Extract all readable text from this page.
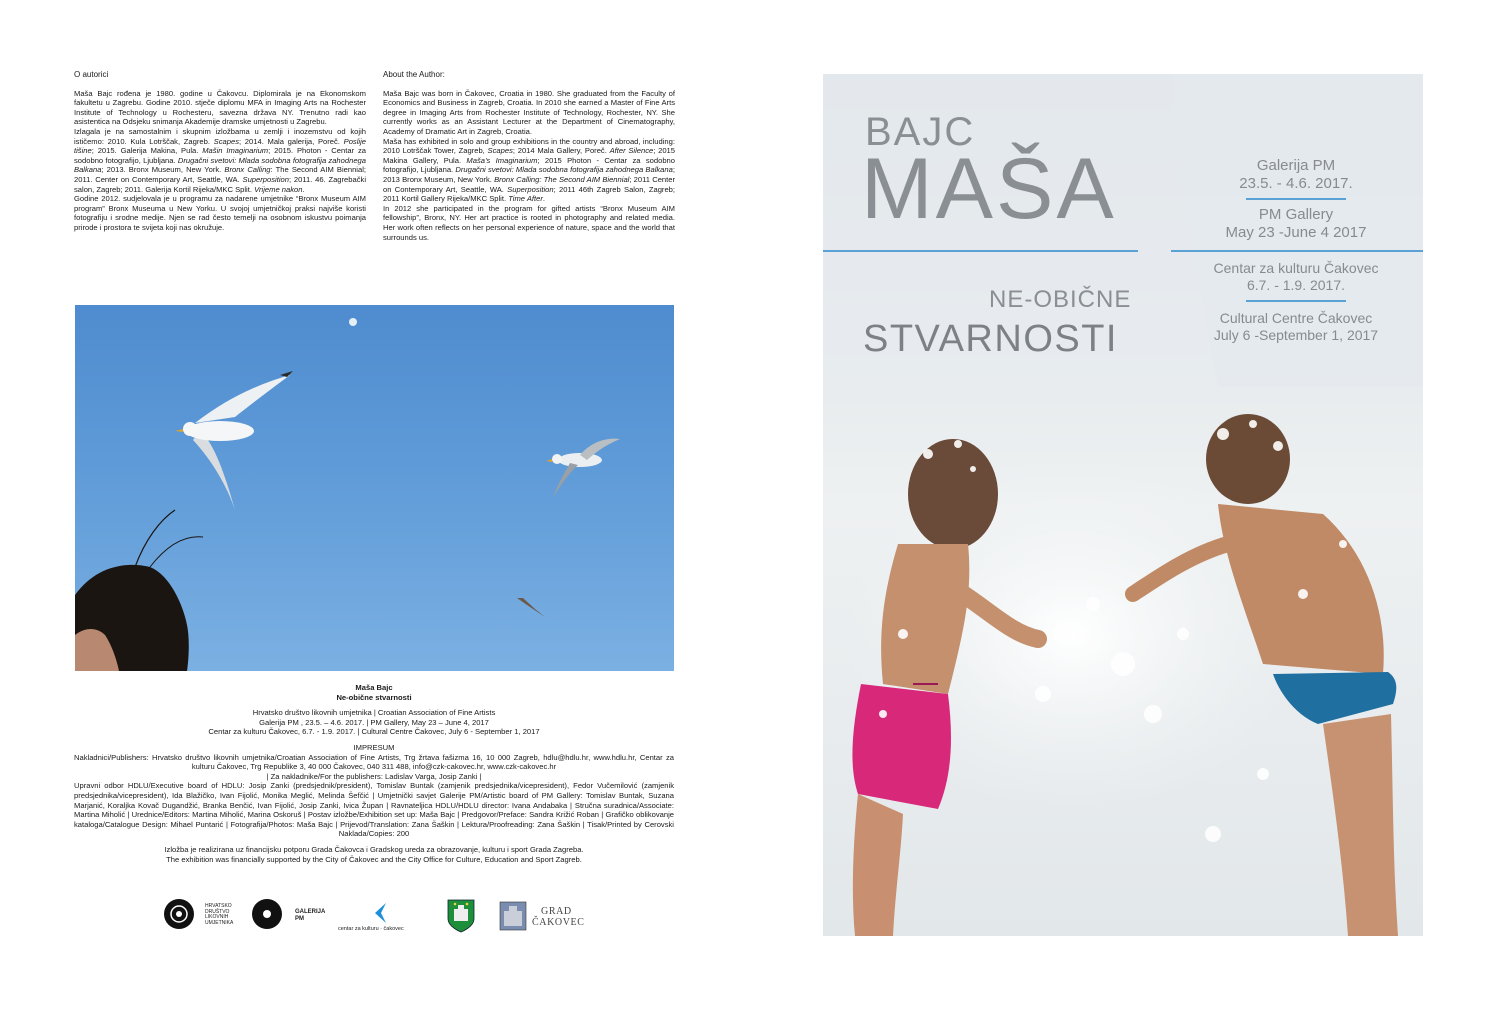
O autorici

Maša Bajc rođena je 1980. godine u Čakovcu. Diplomirala je na Ekonomskom fakultetu u Zagrebu. Godine 2010. stječe diplomu MFA in Imaging Arts na Rochester Institute of Technology u Rochesteru, savezna država NY. Trenutno radi kao asistentica na Odsjeku snimanja Akademije dramske umjetnosti u Zagrebu.

Izlagala je na samostalnim i skupnim izložbama u zemlji i inozemstvu od kojih ističemo: 2010. Kula Lotrščak, Zagreb. Scapes; 2014. Mala galerija, Poreč. Poslije tišine; 2015. Galerija Makina, Pula. Mašin Imaginarium; 2015. Photon - Centar za sodobno fotografijo, Ljubljana. Drugačni svetovi: Mlada sodobna fotografija zahodnega Balkana; 2013. Bronx Museum, New York. Bronx Calling: The Second AIM Biennial; 2011. Center on Contemporary Art, Seattle, WA. Superposition; 2011. 46. Zagrebački salon, Zagreb; 2011. Galerija Kortil Rijeka/MKC Split. Vrijeme nakon.

Godine 2012. sudjelovala je u programu za nadarene umjetnike “Bronx Museum AIM program” Bronx Museuma u New Yorku. U svojoj umjetničkoj praksi najviše koristi fotografiju i srodne medije. Njen se rad često temelji na osobnom iskustvu poimanja prirode i prostora te svijeta koji nas okružuje.

About the Author:

Maša Bajc was born in Čakovec, Croatia in 1980. She graduated from the Faculty of Economics and Business in Zagreb, Croatia. In 2010 she earned a Master of Fine Arts degree in Imaging Arts from Rochester Institute of Technology, Rochester, NY. She currently works as an Assistant Lecturer at the Department of Cinematography, Academy of Dramatic Art in Zagreb, Croatia.

Maša has exhibited in solo and group exhibitions in the country and abroad, including: 2010 Lotrščak Tower, Zagreb, Scapes; 2014 Mala Gallery, Poreč. After Silence; 2015 Makina Gallery, Pula. Maša’s Imaginarium; 2015 Photon - Centar za sodobno fotografijo, Ljubljana. Drugačni svetovi: Mlada sodobna fotografija zahodnega Balkana; 2013 Bronx Museum, New York. Bronx Calling: The Second AIM Biennial; 2011 Center on Contemporary Art, Seattle, WA. Superposition; 2011 46th Zagreb Salon, Zagreb; 2011 Kortil Gallery Rijeka/MKC Split. Time After.

In 2012 she participated in the program for gifted artists “Bronx Museum AIM fellowship”, Bronx, NY. Her art practice is rooted in photography and related media. Her work often reflects on her personal experience of nature, space and the world that surrounds us.

Maša Bajc
Ne-obične stvarnosti
Hrvatsko društvo likovnih umjetnika | Croatian Association of Fine Artists
Galerija PM , 23.5. – 4.6. 2017. | PM Gallery, May 23 – June 4, 2017
Centar za kulturu Čakovec, 6.7. - 1.9. 2017. | Cultural Centre Čakovec, July 6 - September 1, 2017
IMPRESUM
Nakladnici/Publishers: Hrvatsko društvo likovnih umjetnika/Croatian Association of Fine Artists, Trg žrtava fašizma 16, 10 000 Zagreb, hdlu@hdlu.hr, www.hdlu.hr, Centar za kulturu Čakovec, Trg Republike 3, 40 000 Čakovec, 040 311 488, info@czk-cakovec.hr, www.czk-cakovec.hr
| Za nakladnike/For the publishers: Ladislav Varga, Josip Zanki |
Upravni odbor HDLU/Executive board of HDLU: Josip Zanki (predsjednik/president), Tomislav Buntak (zamjenik predsjednika/vicepresident), Fedor Vučemilović (zamjenik predsjednika/vicepresident), Ida Blažičko, Ivan Fijolić, Monika Meglić, Melinda Šefčić | Umjetnički savjet Galerije PM/Artistic board of PM Gallery: Tomislav Buntak, Suzana Marjanić, Koraljka Kovač Dugandžić, Branka Benčić, Ivan Fijolić, Josip Zanki, Ivica Župan | Ravnateljica HDLU/HDLU director: Ivana Andabaka | Stručna suradnica/Associate: Martina Miholić | Urednice/Editors: Martina Miholić, Marina Oskoruš | Postav izložbe/Exhibition set up: Maša Bajc | Predgovor/Preface: Sandra Križić Roban | Grafičko oblikovanje kataloga/Catalogue Design: Mihael Puntarić | Fotografija/Photos: Maša Bajc | Prijevod/Translation: Zana Šaškin | Lektura/Proofreading: Zana Šaškin | Tisak/Printed by Cerovski Naklada/Copies: 200
Izložba je realizirana uz financijsku potporu Grada Čakovca i Gradskog ureda za obrazovanje, kulturu i sport Grada Zagreba.
The exhibition was financially supported by the City of Čakovec and the City Office for Culture, Education and Sport Zagreb.
HRVATSKO
DRUŠTVO
LIKOVNIH
UMJETNIKA
GALERIJA
PM
centar za kulturu · čakovec
GRAD
ČAKOVEC
BAJC
MAŠA
NE-OBIČNE
STVARNOSTI
Galerija PM
23.5. - 4.6. 2017.
PM Gallery
May 23 -June 4 2017
Centar za kulturu Čakovec
6.7. - 1.9. 2017.
Cultural Centre Čakovec
July 6 -September 1, 2017
